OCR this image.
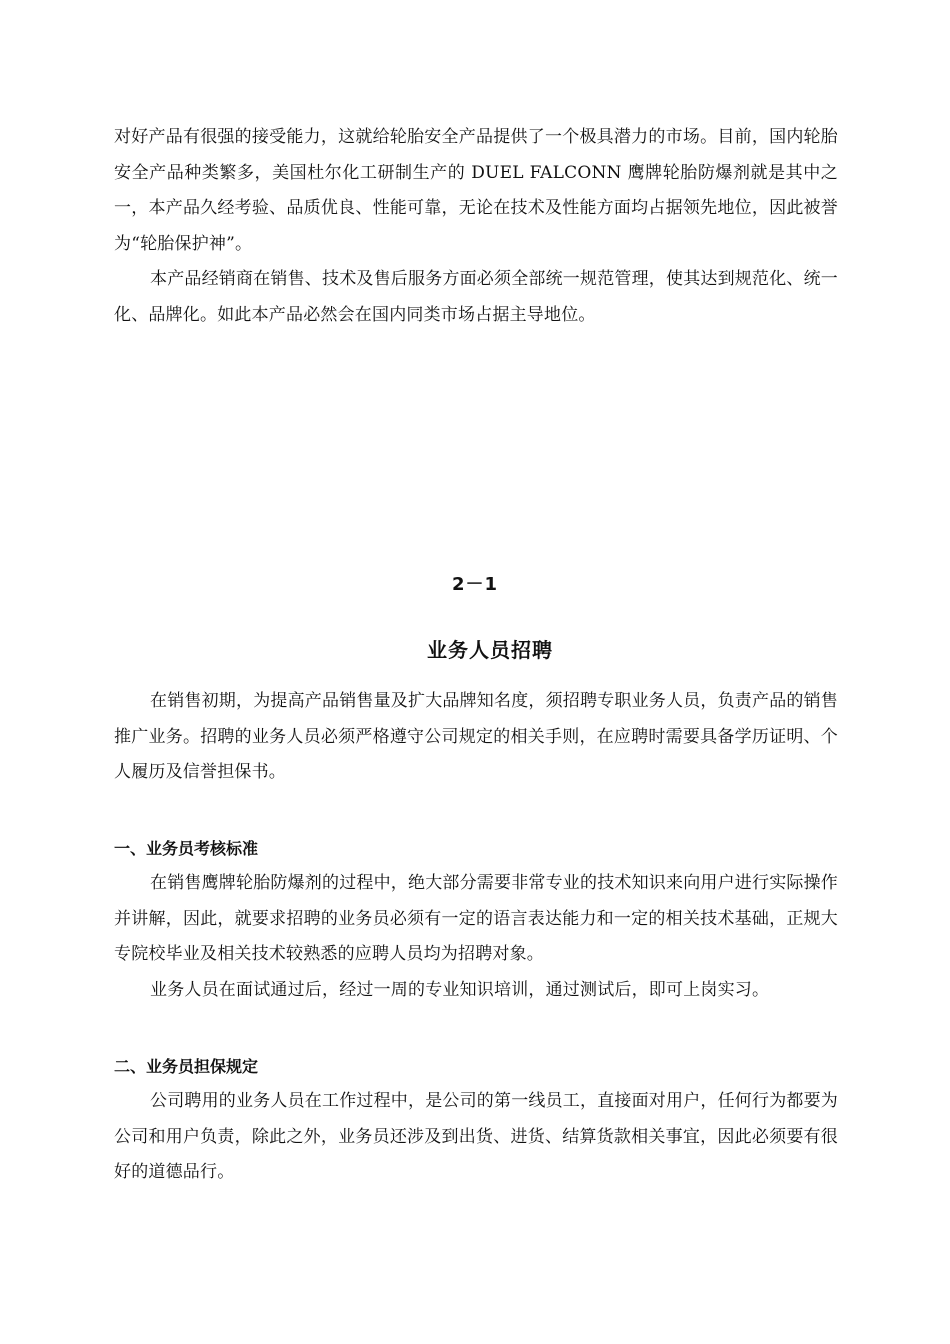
对好产品有很强的接受能力，这就给轮胎安全产品提供了一个极具潜力的市场。目前，国内轮胎安全产品种类繁多，美国杜尔化工研制生产的 DUEL FALCONN 鹰牌轮胎防爆剂就是其中之一，本产品久经考验、品质优良、性能可靠，无论在技术及性能方面均占据领先地位，因此被誉为“轮胎保护神”。

本产品经销商在销售、技术及售后服务方面必须全部统一规范管理，使其达到规范化、统一化、品牌化。如此本产品必然会在国内同类市场占据主导地位。

2－1
业务人员招聘

在销售初期，为提高产品销售量及扩大品牌知名度，须招聘专职业务人员，负责产品的销售推广业务。招聘的业务人员必须严格遵守公司规定的相关手则，在应聘时需要具备学历证明、个人履历及信誉担保书。

一、业务员考核标准

在销售鹰牌轮胎防爆剂的过程中，绝大部分需要非常专业的技术知识来向用户进行实际操作并讲解，因此，就要求招聘的业务员必须有一定的语言表达能力和一定的相关技术基础，正规大专院校毕业及相关技术较熟悉的应聘人员均为招聘对象。

业务人员在面试通过后，经过一周的专业知识培训，通过测试后，即可上岗实习。

二、业务员担保规定

公司聘用的业务人员在工作过程中，是公司的第一线员工，直接面对用户，任何行为都要为公司和用户负责，除此之外，业务员还涉及到出货、进货、结算货款相关事宜，因此必须要有很好的道德品行。
